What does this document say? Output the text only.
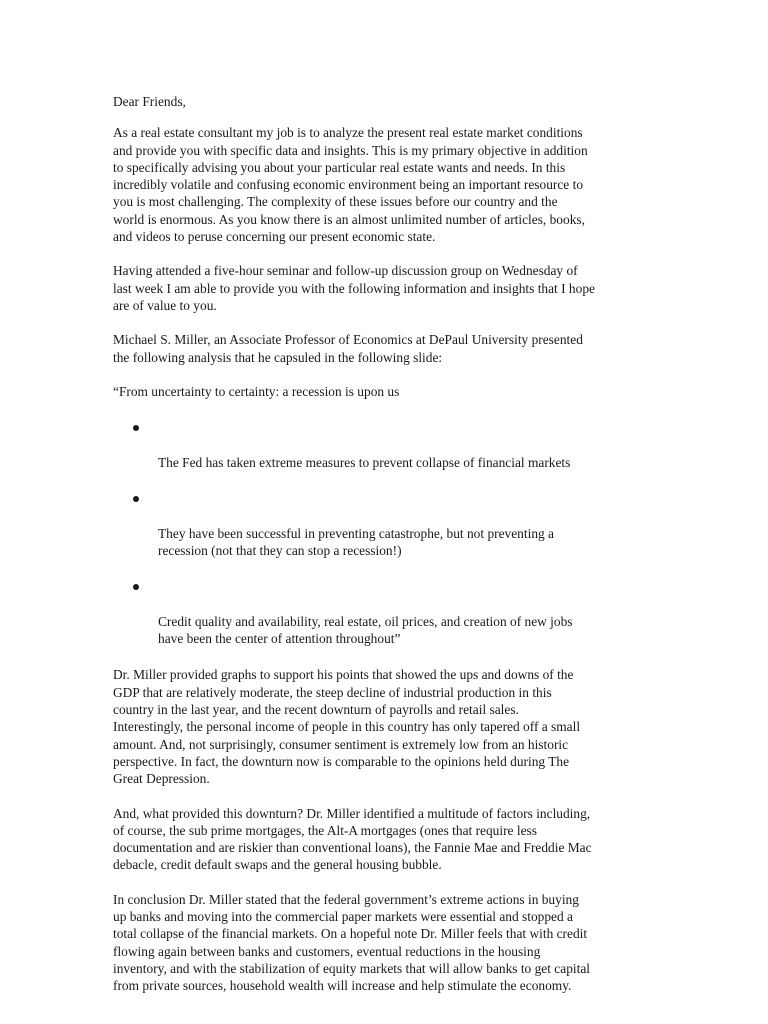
Dear Friends,

As a real estate consultant my job is to analyze the present real estate market conditions
and provide you with specific data and insights. This is my primary objective in addition
to specifically advising you about your particular real estate wants and needs. In this
incredibly volatile and confusing economic environment being an important resource to
you is most challenging. The complexity of these issues before our country and the
world is enormous. As you know there is an almost unlimited number of articles, books,
and videos to peruse concerning our present economic state.

Having attended a five-hour seminar and follow-up discussion group on Wednesday of
last week I am able to provide you with the following information and insights that I hope
are of value to you.

Michael S. Miller, an Associate Professor of Economics at DePaul University presented
the following analysis that he capsuled in the following slide:

“From uncertainty to certainty: a recession is upon us

The Fed has taken extreme measures to prevent collapse of financial markets

They have been successful in preventing catastrophe, but not preventing a
recession (not that they can stop a recession!)

Credit quality and availability, real estate, oil prices, and creation of new jobs
have been the center of attention throughout”

Dr. Miller provided graphs to support his points that showed the ups and downs of the
GDP that are relatively moderate, the steep decline of industrial production in this
country in the last year, and the recent downturn of payrolls and retail sales.
Interestingly, the personal income of people in this country has only tapered off a small
amount. And, not surprisingly, consumer sentiment is extremely low from an historic
perspective. In fact, the downturn now is comparable to the opinions held during The
Great Depression.

And, what provided this downturn? Dr. Miller identified a multitude of factors including,
of course, the sub prime mortgages, the Alt-A mortgages (ones that require less
documentation and are riskier than conventional loans), the Fannie Mae and Freddie Mac
debacle, credit default swaps and the general housing bubble.

In conclusion Dr. Miller stated that the federal government’s extreme actions in buying
up banks and moving into the commercial paper markets were essential and stopped a
total collapse of the financial markets. On a hopeful note Dr. Miller feels that with credit
flowing again between banks and customers, eventual reductions in the housing
inventory, and with the stabilization of equity markets that will allow banks to get capital
from private sources, household wealth will increase and help stimulate the economy.
